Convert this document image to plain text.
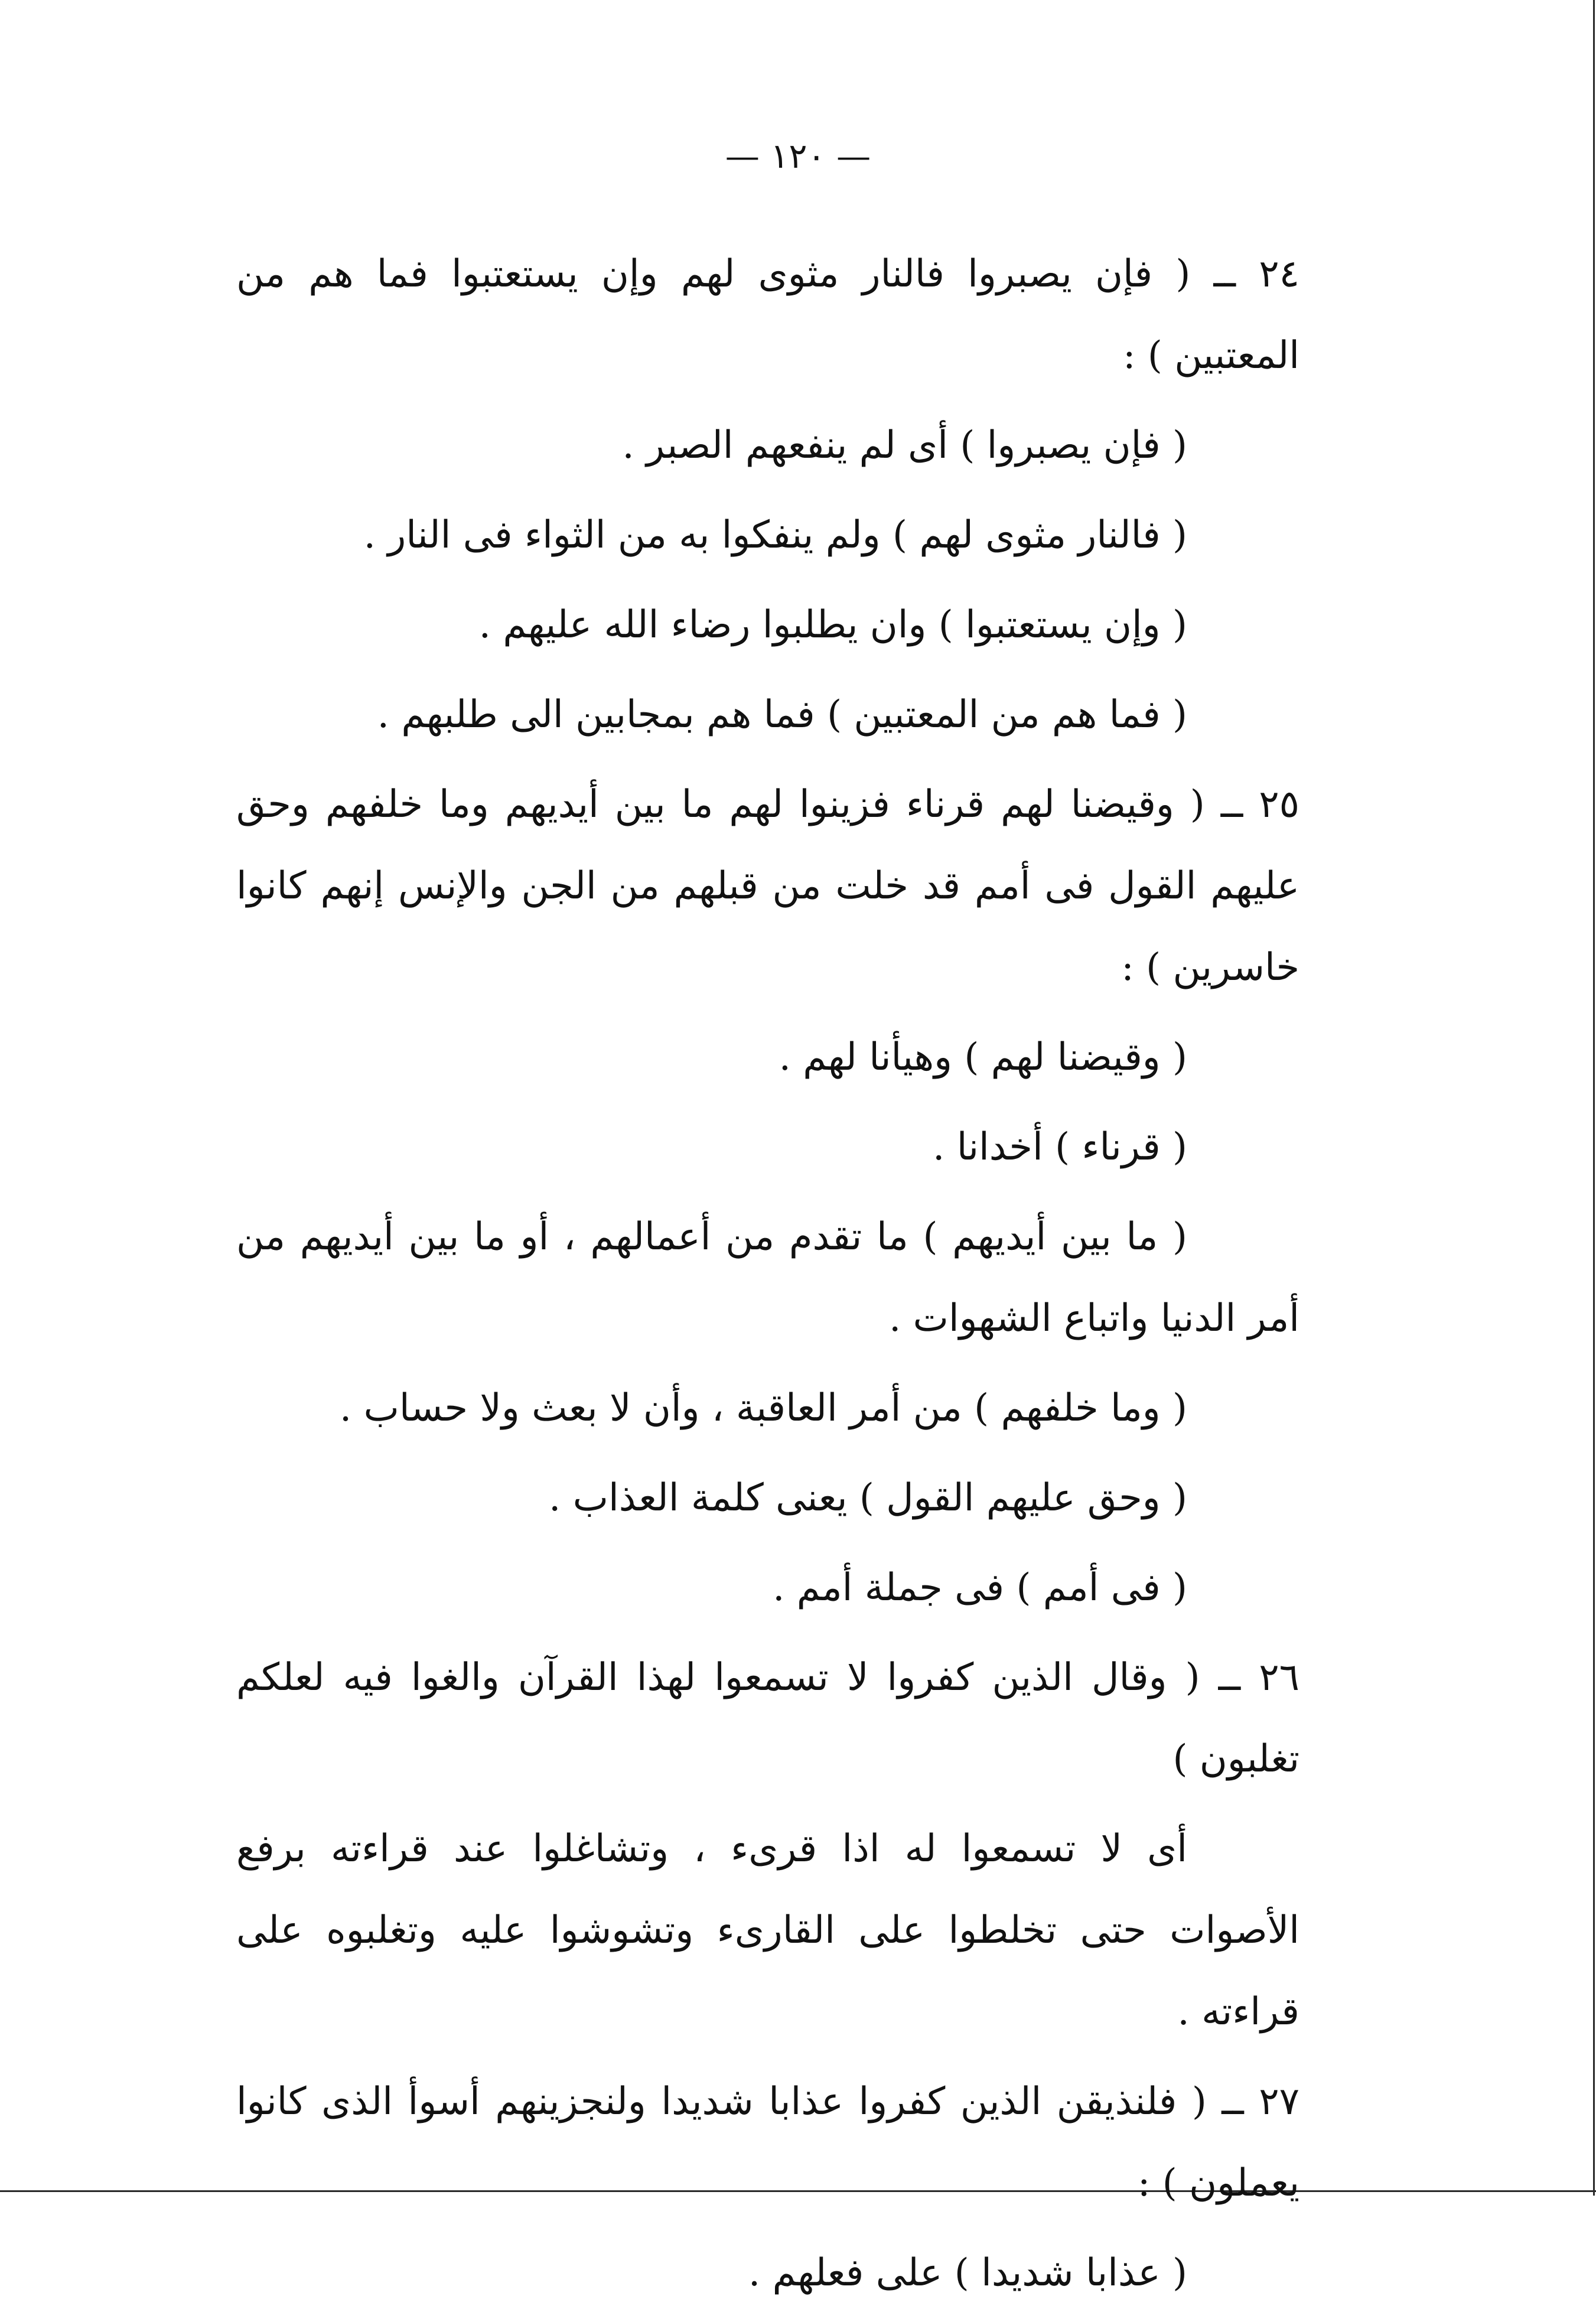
— ١٢٠ —

٢٤ ــ ( فإن يصبروا فالنار مثوى لهم وإن يستعتبوا فما هم من المعتبين ) :

( فإن يصبروا ) أى لم ينفعهم الصبر .

( فالنار مثوى لهم ) ولم ينفكوا به من الثواء فى النار .

( وإن يستعتبوا ) وان يطلبوا رضاء الله عليهم .

( فما هم من المعتبين ) فما هم بمجابين الى طلبهم .

٢٥ ــ ( وقيضنا لهم قرناء فزينوا لهم ما بين أيديهم وما خلفهم وحق عليهم القول فى أمم قد خلت من قبلهم من الجن والإنس إنهم كانوا خاسرين ) :

( وقيضنا لهم ) وهيأنا لهم .

( قرناء ) أخدانا .

( ما بين أيديهم ) ما تقدم من أعمالهم ، أو ما بين أيديهم من أمر الدنيا واتباع الشهوات .

( وما خلفهم ) من أمر العاقبة ، وأن لا بعث ولا حساب .

( وحق عليهم القول ) يعنى كلمة العذاب .

( فى أمم ) فى جملة أمم .

٢٦ ــ ( وقال الذين كفروا لا تسمعوا لهذا القرآن والغوا فيه لعلكم تغلبون )

أى لا تسمعوا له اذا قرىء ، وتشاغلوا عند قراءته برفع الأصوات حتى تخلطوا على القارىء وتشوشوا عليه وتغلبوه على قراءته .

٢٧ ــ ( فلنذيقن الذين كفروا عذابا شديدا ولنجزينهم أسوأ الذى كانوا يعملون ) :

( عذابا شديدا ) على فعلهم .
